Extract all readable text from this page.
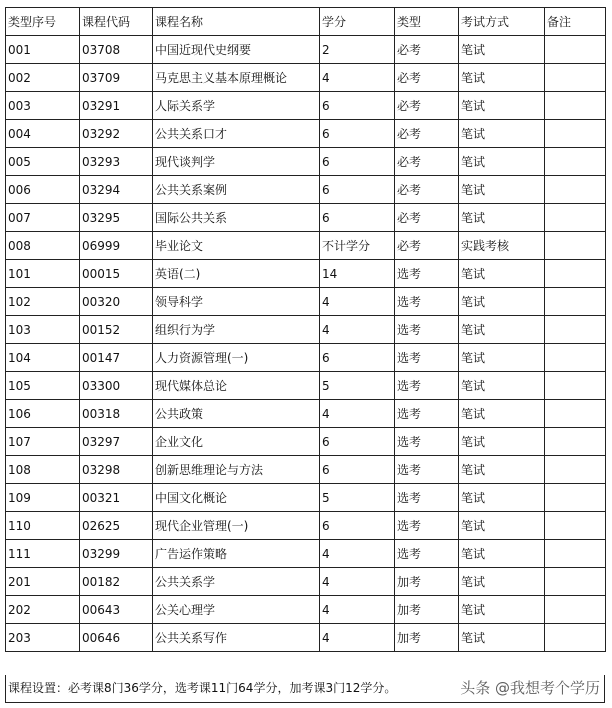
类型序号	课程代码	课程名称	学分	类型	考试方式	备注
001	03708	中国近现代史纲要	2	必考	笔试	
002	03709	马克思主义基本原理概论	4	必考	笔试	
003	03291	人际关系学	6	必考	笔试	
004	03292	公共关系口才	6	必考	笔试	
005	03293	现代谈判学	6	必考	笔试	
006	03294	公共关系案例	6	必考	笔试	
007	03295	国际公共关系	6	必考	笔试	
008	06999	毕业论文	不计学分	必考	实践考核	
101	00015	英语(二)	14	选考	笔试	
102	00320	领导科学	4	选考	笔试	
103	00152	组织行为学	4	选考	笔试	
104	00147	人力资源管理(一)	6	选考	笔试	
105	03300	现代媒体总论	5	选考	笔试	
106	00318	公共政策	4	选考	笔试	
107	03297	企业文化	6	选考	笔试	
108	03298	创新思维理论与方法	6	选考	笔试	
109	00321	中国文化概论	5	选考	笔试	
110	02625	现代企业管理(一)	6	选考	笔试	
111	03299	广告运作策略	4	选考	笔试	
201	00182	公共关系学	4	加考	笔试	
202	00643	公关心理学	4	加考	笔试	
203	00646	公共关系写作	4	加考	笔试	
课程设置：必考课8门36学分，选考课11门64学分，加考课3门12学分。	头条 @我想考个学历
